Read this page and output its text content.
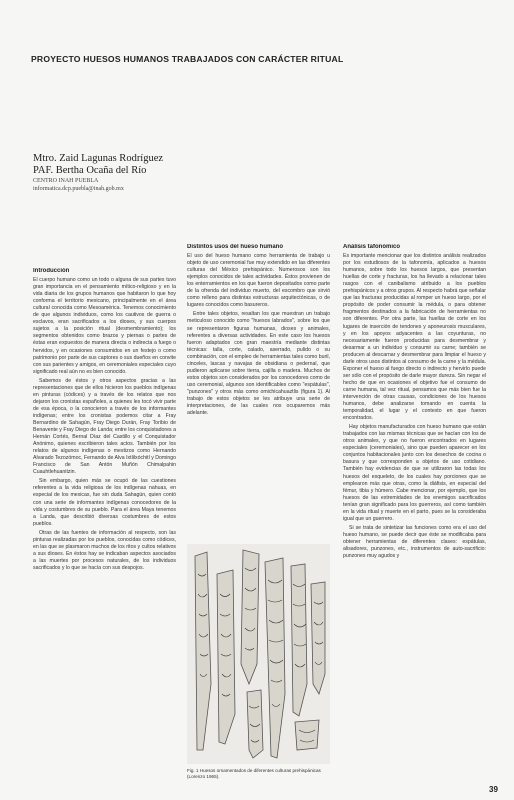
PROYECTO HUESOS HUMANOS TRABAJADOS CON CARÁCTER RITUAL
Mtro. Zaid Lagunas Rodríguez
PAF. Bertha Ocaña del Río
CENTRO INAH PUEBLA
informatica.dcp.puebla@inah.gob.mx
Introducción

El cuerpo humano como un todo o alguna de sus partes tuvo gran importancia en el pensamiento mítico-religioso y en la vida diaria de los grupos humanos que habitaron lo que hoy conforma el territorio mexicano, principalmente en el área cultural conocida como Mesoamérica. Tenemos conocimiento de que algunos individuos, como los cautivos de guerra o esclavos, eran sacrificados a los dioses, y sus cuerpos sujetos a la posición ritual (desmembramiento); los segmentos obtenidos como brazos y piernas o partes de éstas eran expuestos de manera directa o indirecta a fuego o hervidos, y en ocasiones consumidos en un festejo o como patrimonio por parte de sus captores o sus dueños en convite con sus parientes y amigos, en ceremoniales especiales cuyo significado real aún no es bien conocido.

Sabemos de éstos y otros aspectos gracias a las representaciones que de ellos hicieron los pueblos indígenas en pinturas (códices) y a través de los relatos que nos dejaron los cronistas españoles, a quienes les tocó vivir parte de esa época, o la conocieron a través de los informantes indígenas; entre los cronistas podemos citar a Fray Bernardino de Sahagún, Fray Diego Durán, Fray Toribio de Benavente y Fray Diego de Landa; entre los conquistadores a Hernán Cortés, Bernal Díaz del Castillo y el Conquistador Anónimo, quienes escribieron tales actos. También por los relatos de algunos indígenas o mestizos como Hernando Alvarado Tezozómoc, Fernando de Alva Ixtlilxóchitl y Domingo Francisco de San Antón Muñón Chimalpahin Cuauhtlehuanitzin.

Sin embargo, quien más se ocupó de las cuestiones referentes a la vida religiosa de los indígenas nahuas, en especial de los mexicas, fue sin duda Sahagún, quien contó con una serie de informantes indígenas conocedores de la vida y costumbres de su pueblo. Para el área Maya tenemos a Landa, que describió diversas costumbres de estos pueblos.

Otras de las fuentes de información al respecto, son las pinturas realizadas por los pueblos, conocidas como códices, en las que se plasmaron muchos de los ritos y cultos relativos a sus dioses. En éstos hay se indicaban aspectos asociados a las muertes por procesos naturales, de los individuos sacrificados y lo que se hacía con sus despojos.

Distintos usos del hueso humano

El uso del hueso humano como herramienta de trabajo u objeto de uso ceremonial fue muy extendido en las diferentes culturas del México prehispánico. Numerosos son los ejemplos conocidos de tales actividades. Éstos provienen de los enterramientos en los que fueron depositados como parte de la ofrenda del individuo muerto, del escombro que sirvió como relleno para distintas estructuras arquitectónicas, o de lugares conocidos como basureros.

Entre tales objetos, resaltan los que muestran un trabajo meticuloso conocido como "huesos labrados", sobre los que se representaron figuras humanas, dioses y animales, referentes a diversas actividades. En este caso los huesos fueron adaptados con gran maestría mediante distintas técnicas: talla, corte, calado, aserrado, pulido o su combinación, con el empleo de herramientas tales como buril, cinceles, lascas y navajas de obsidiana o pedernal, que pudieron aplicarse sobre tierra, cajilla o madera. Muchos de estos objetos son considerados por los conocedores como de uso ceremonial, algunos son identificables como "espátulas", "punzones" y otros más como omichicahuaztlis (figura 1). Al trabajo de estos objetos se les atribuye una serie de interpretaciones, de las cuales nos ocuparemos más adelante.

Fig. 1 Huesos ornamentados de diferentes culturas prehispánicas (Lorenzo 1965).
Análisis tafonómico

Es importante mencionar que los distintos análisis realizados por los estudiosos de la tafonomía, aplicados a huesos humanos, sobre todo los huesos largos, que presentan huellas de corte y fracturas, los ha llevado a relacionar tales rasgos con el canibalismo atribuido a los pueblos prehispánicos y a otros grupos. Al respecto habrá que señalar que las fracturas producidas al romper un hueso largo, por el propósito de poder consumir la médula, o para obtener fragmentos destinados a la fabricación de herramientas no son diferentes. Por otra parte, las huellas de corte en los lugares de inserción de tendones y aponeurosis musculares, y en los apoyos adyacentes a las coyunturas, no necesariamente fueron producidas para desmembrar y desarmar a un individuo y consumir su carne; también se producen al descarnar y desmembrar para limpiar el hueso y darle otros usos distintos al consumo de la carne y la médula. Exponer el hueso al fuego directo o indirecto y hervirlo puede ser sólo con el propósito de darle mayor dureza. Sin negar el hecho de que en ocasiones el objetivo fue el consumo de carne humana, tal vez ritual, pensamos que más bien fue la intervención de otras causas, condiciones de los huesos humanos, debe analizarse tomando en cuenta la temporalidad, el lugar y el contexto en que fueron encontrados.

Hay objetos manufacturados con hueso humano que están trabajados con las mismas técnicas que se hacían con los de otros animales, y que no fueron encontrados en lugares especiales (ceremoniales), sino que pueden aparecer en los conjuntos habitacionales junto con los desechos de cocina o basura y que corresponden a objetos de uso cotidiano. También hay evidencias de que se utilizaron las todas los huesos del esqueleto, de los cuales hay porciones que se emplearon más que otras, como la diáfisis, en especial del fémur, tibia y húmero. Cabe mencionar, por ejemplo, que los huesos de las extremidades de los enemigos sacrificados tenían gran significado para los guerreros, así como también en la vida ritual y muerte en el parto, pues se la consideraba igual que un guerrero.

Si se trata de sintetizar las funciones como era el uso del hueso humano, se puede decir que éste se modificaba para obtener herramientas de diferentes clases: espátulas, alisadores, punzones, etc., instrumentos de auto-sacrificio: punzones muy agudos y

39
